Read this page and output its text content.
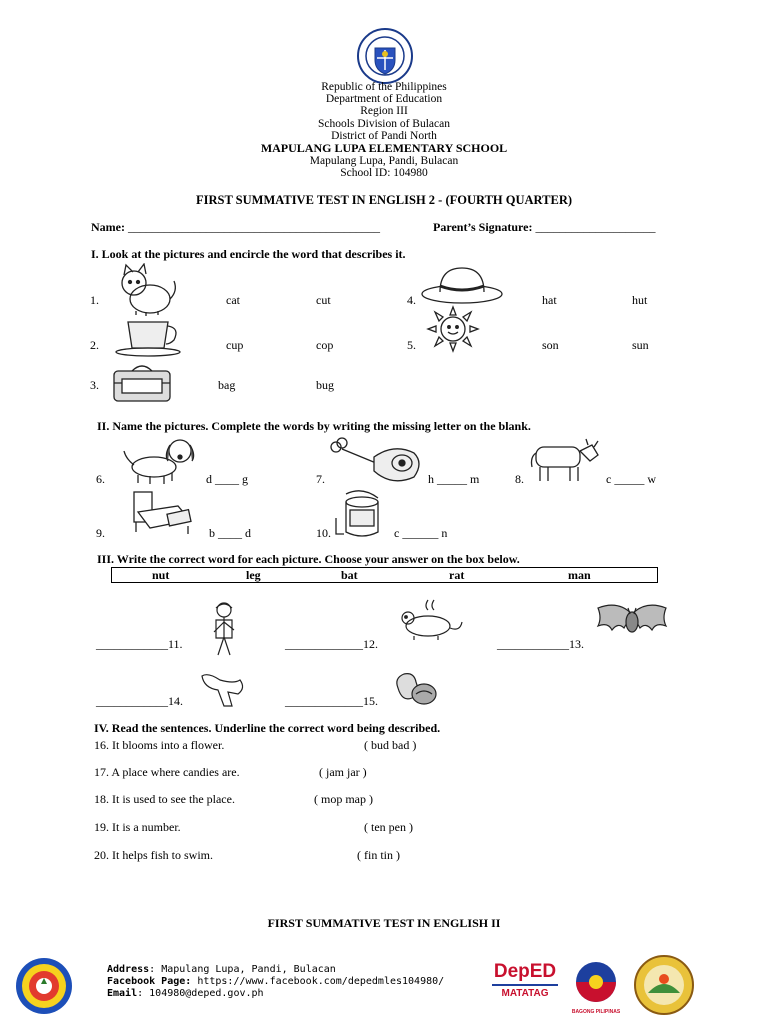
Republic of the Philippines
Department of Education
Region III
Schools Division of Bulacan
District of Pandi North
MAPULANG LUPA ELEMENTARY SCHOOL
Mapulang Lupa, Pandi, Bulacan
School ID: 104980
FIRST SUMMATIVE TEST IN ENGLISH 2 - (FOURTH QUARTER)
Name: __________________________________________	Parent’s Signature: ____________________
I. Look at the pictures and encircle the word that describes it.
1.	cat	cut
2.	cup	cop
3.	bag	bug
4.	hat	hut
5.	son	sun
II. Name the pictures. Complete the words by writing the missing letter on the blank.
6.	d ____ g	7.	h _____ m	8.	c _____ w
9.	b ____ d	10.	c ______ n
III. Write the correct word for each picture. Choose your answer on the box below.
nut	leg	bat	rat	man
____________11.	_____________12.	____________13.
____________14.	_____________15.
IV. Read the sentences. Underline the correct word being described.
16. It blooms into a flower.	( bud bad )
17. A place where candies are.	( jam jar )
18. It is used to see the place.	( mop map )
19. It is a number.	( ten pen )
20. It helps fish to swim.	( fin tin )
FIRST SUMMATIVE TEST IN ENGLISH II
Address: Mapulang Lupa, Pandi, Bulacan
Facebook Page: https://www.facebook.com/depedmles104980/
Email: 104980@deped.gov.ph
DepED
MATATAG
BAGONG PILIPINAS
